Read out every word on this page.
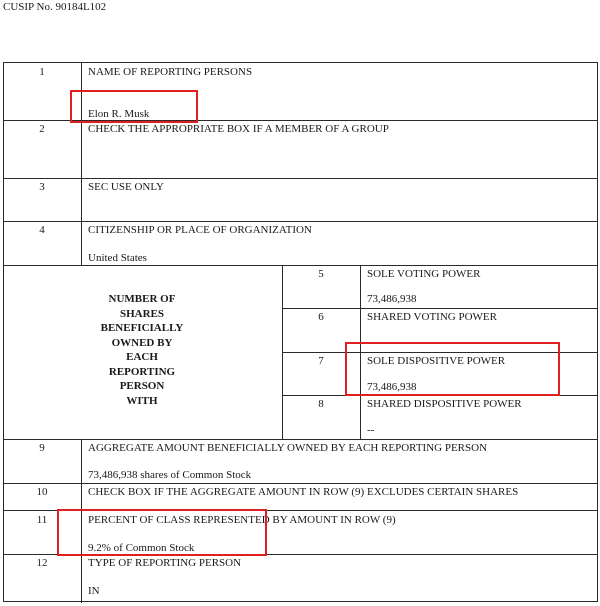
CUSIP No. 90184L102
1	NAME OF REPORTING PERSONS
Elon R. Musk
2	CHECK THE APPROPRIATE BOX IF A MEMBER OF A GROUP
3	SEC USE ONLY
4	CITIZENSHIP OR PLACE OF ORGANIZATION
United States
NUMBER OF
SHARES
BENEFICIALLY
OWNED BY
EACH
REPORTING
PERSON
WITH
5	SOLE VOTING POWER
73,486,938
6	SHARED VOTING POWER
--
7	SOLE DISPOSITIVE POWER
73,486,938
8	SHARED DISPOSITIVE POWER
--
9	AGGREGATE AMOUNT BENEFICIALLY OWNED BY EACH REPORTING PERSON
73,486,938 shares of Common Stock
10	CHECK BOX IF THE AGGREGATE AMOUNT IN ROW (9) EXCLUDES CERTAIN SHARES
11	PERCENT OF CLASS REPRESENTED BY AMOUNT IN ROW (9)
9.2% of Common Stock
12	TYPE OF REPORTING PERSON
IN
